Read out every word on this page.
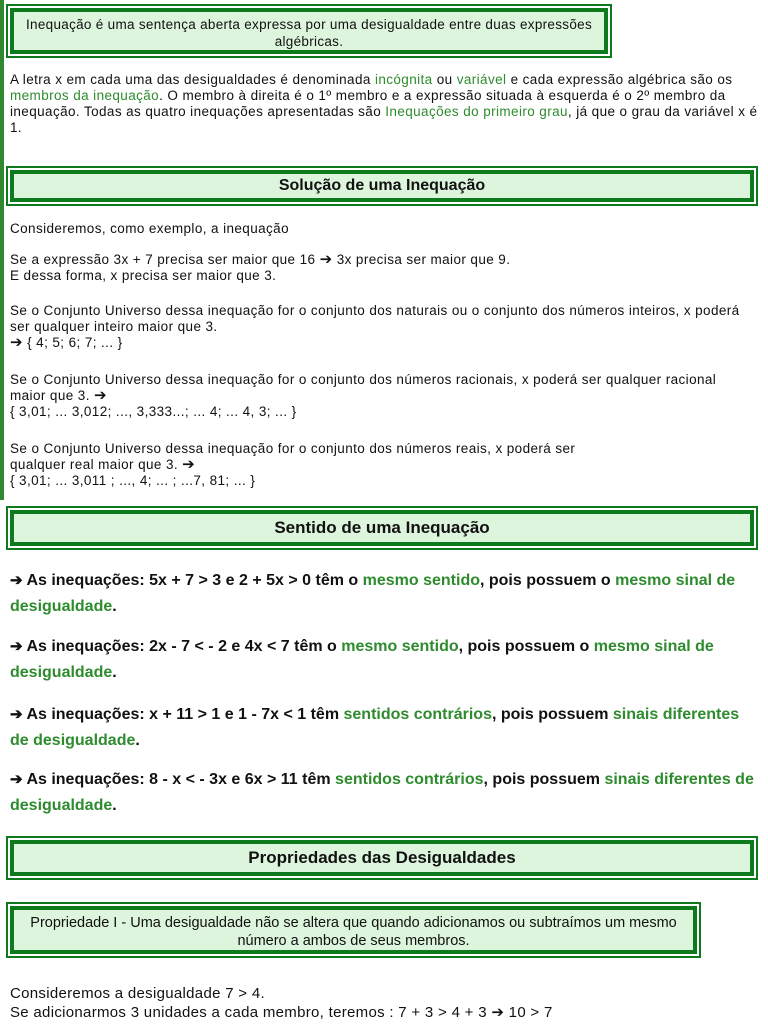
Inequação é uma sentença aberta expressa por uma desigualdade entre duas expressões algébricas.

A letra x em cada uma das desigualdades é denominada incógnita ou variável e cada expressão algébrica são os membros da inequação. O membro à direita é o 1º membro e a expressão situada à esquerda é o 2º membro da inequação. Todas as quatro inequações apresentadas são Inequações do primeiro grau, já que o grau da variável x é 1.

Solução de uma Inequação

Consideremos, como exemplo, a inequação

Se a expressão 3x + 7 precisa ser maior que 16 ➔ 3x precisa ser maior que 9.
E dessa forma, x precisa ser maior que 3.

Se o Conjunto Universo dessa inequação for o conjunto dos naturais ou o conjunto dos números inteiros, x poderá ser qualquer inteiro maior que 3.
➔ { 4; 5; 6; 7; ... }

Se o Conjunto Universo dessa inequação for o conjunto dos números racionais, x poderá ser qualquer racional maior que 3. ➔
{ 3,01; ... 3,012; ..., 3,333...; ... 4; ... 4, 3; ... }

Se o Conjunto Universo dessa inequação for o conjunto dos números reais, x poderá ser qualquer real maior que 3. ➔
{ 3,01; ... 3,011 ; ..., 4; ... ; ...7, 81; ... }

Sentido de uma Inequação

➔ As inequações: 5x + 7 > 3 e 2 + 5x > 0 têm o mesmo sentido, pois possuem o mesmo sinal de desigualdade.

➔ As inequações: 2x - 7 < - 2 e 4x < 7 têm o mesmo sentido, pois possuem o mesmo sinal de desigualdade.

➔ As inequações: x + 11 > 1 e 1 - 7x < 1 têm sentidos contrários, pois possuem sinais diferentes de desigualdade.

➔ As inequações: 8 - x < - 3x e 6x > 11 têm sentidos contrários, pois possuem sinais diferentes de desigualdade.

Propriedades das Desigualdades
Propriedade I - Uma desigualdade não se altera que quando adicionamos ou subtraímos um mesmo número a ambos de seus membros.

Consideremos a desigualdade 7 > 4.
Se adicionarmos 3 unidades a cada membro, teremos : 7 + 3 > 4 + 3 ➔ 10 > 7
